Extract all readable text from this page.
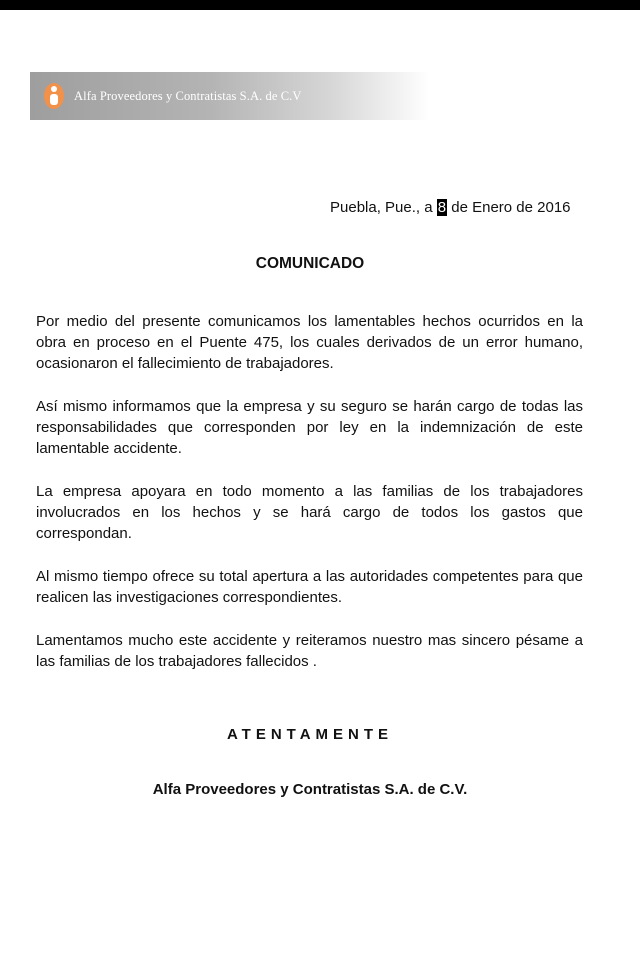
Alfa Proveedores y Contratistas S.A. de C.V
Puebla, Pue., a 8 de Enero de 2016
COMUNICADO

Por medio del presente comunicamos los lamentables hechos ocurridos en la obra en proceso en el Puente 475, los cuales derivados de un error humano, ocasionaron el fallecimiento de trabajadores.

Así mismo informamos que la empresa y su seguro se harán cargo de todas las responsabilidades que corresponden por ley en la indemnización de este lamentable accidente.

La empresa apoyara en todo momento a las familias de los trabajadores involucrados en los hechos y se hará cargo de todos los gastos que correspondan.

Al mismo tiempo ofrece su total apertura a las autoridades competentes para que realicen las investigaciones correspondientes.

Lamentamos mucho este accidente y reiteramos nuestro mas sincero pésame a las familias de los trabajadores fallecidos .

ATENTAMENTE
Alfa Proveedores y Contratistas S.A. de C.V.
